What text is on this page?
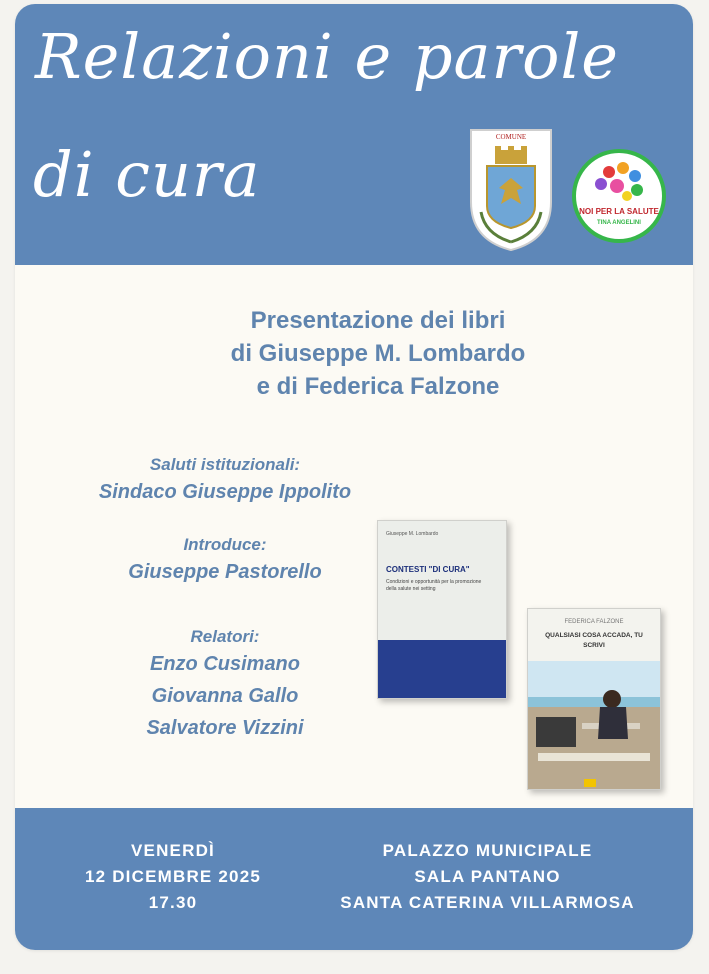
Relazioni e parole
di cura
COMUNE
NOI PER LA SALUTE
TINA ANGELINI
Presentazione dei libri
di Giuseppe M. Lombardo
e di Federica Falzone
Saluti istituzionali:
Sindaco Giuseppe Ippolito
Introduce:
Giuseppe Pastorello
Relatori:
Enzo Cusimano
Giovanna Gallo
Salvatore Vizzini
Giuseppe M. Lombardo
CONTESTI "DI CURA"
Condizioni e opportunità per la promozione della salute nei setting
FEDERICA FALZONE
QUALSIASI COSA ACCADA, TU SCRIVI
VENERDÌ
12 DICEMBRE 2025
17.30
PALAZZO MUNICIPALE
SALA PANTANO
SANTA CATERINA VILLARMOSA
